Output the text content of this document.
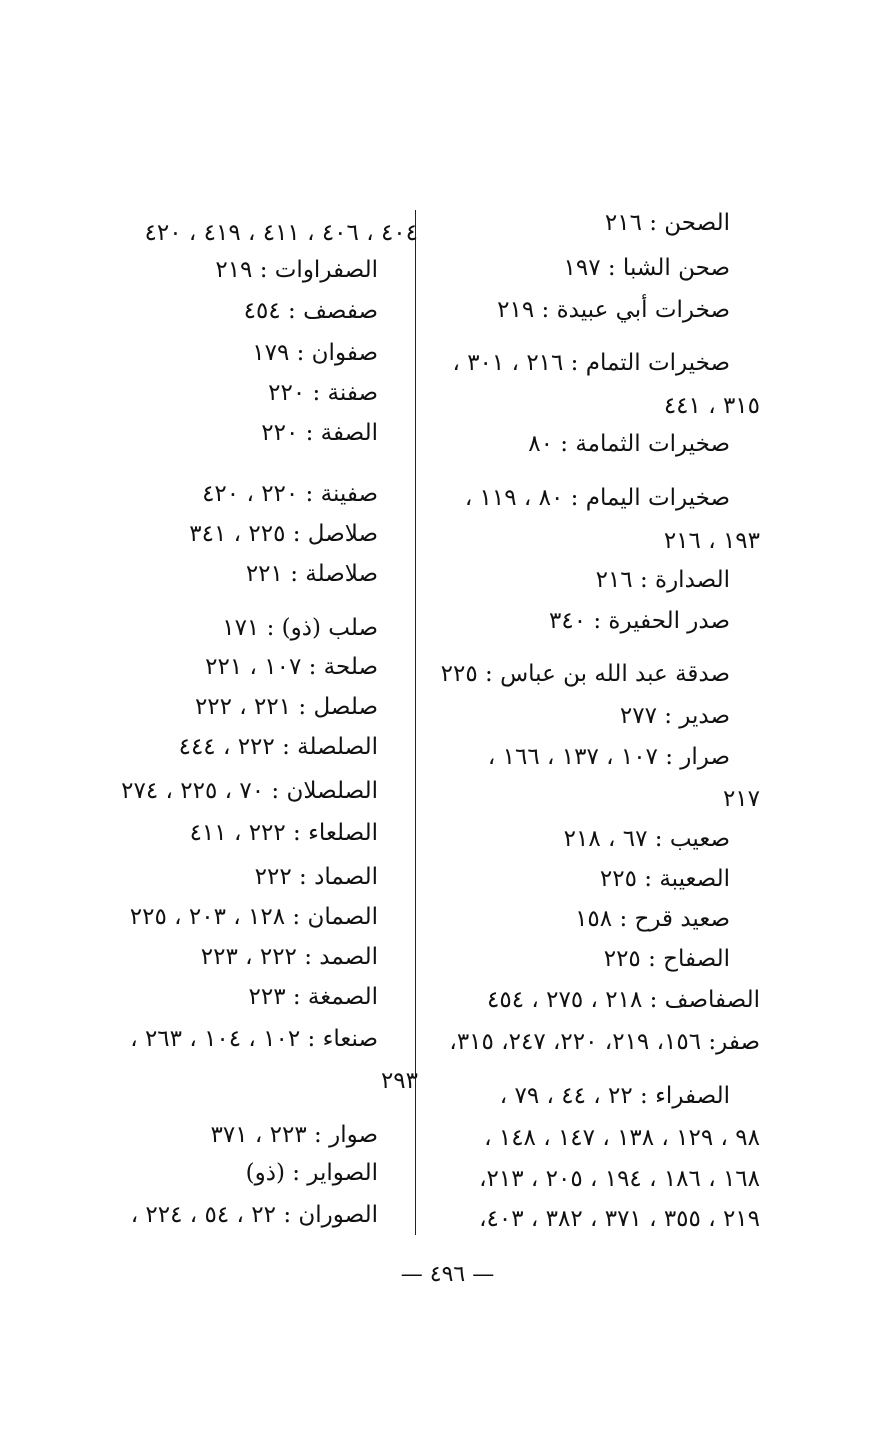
الصحن : ٢١٦
صحن الشبا : ١٩٧
صخرات أبي عبيدة : ٢١٩
صخيرات التمام : ٢١٦ ، ٣٠١ ،
٣١٥ ، ٤٤١
صخيرات الثمامة : ٨٠
صخيرات اليمام : ٨٠ ، ١١٩ ،
١٩٣ ، ٢١٦
الصدارة : ٢١٦
صدر الحفيرة : ٣٤٠
صدقة عبد الله بن عباس : ٢٢٥
صدير : ٢٧٧
صرار : ١٠٧ ، ١٣٧ ، ١٦٦ ،
٢١٧
صعيب : ٦٧ ، ٢١٨
الصعيبة : ٢٢٥
صعيد قرح : ١٥٨
الصفاح : ٢٢٥
الصفاصف : ٢١٨ ، ٢٧٥ ، ٤٥٤
صفر: ١٥٦، ٢١٩، ٢٢٠، ٢٤٧، ٣١٥،
الصفراء : ٢٢ ، ٤٤ ، ٧٩ ،
٩٨ ، ١٢٩ ، ١٣٨ ، ١٤٧ ، ١٤٨ ،
١٦٨ ، ١٨٦ ، ١٩٤ ، ٢٠٥ ، ٢١٣،
٢١٩ ، ٣٥٥ ، ٣٧١ ، ٣٨٢ ، ٤٠٣،
٤٠٤ ، ٤٠٦ ، ٤١١ ، ٤١٩ ، ٤٢٠
الصفراوات : ٢١٩
صفصف : ٤٥٤
صفوان : ١٧٩
صفنة : ٢٢٠
الصفة : ٢٢٠
صفينة : ٢٢٠ ، ٤٢٠
صلاصل : ٢٢٥ ، ٣٤١
صلاصلة : ٢٢١
صلب (ذو) : ١٧١
صلحة : ١٠٧ ، ٢٢١
صلصل : ٢٢١ ، ٢٢٢
الصلصلة : ٢٢٢ ، ٤٤٤
الصلصلان : ٧٠ ، ٢٢٥ ، ٢٧٤
الصلعاء : ٢٢٢ ، ٤١١
الصماد : ٢٢٢
الصمان : ١٢٨ ، ٢٠٣ ، ٢٢٥
الصمد : ٢٢٢ ، ٢٢٣
الصمغة : ٢٢٣
صنعاء : ١٠٢ ، ١٠٤ ، ٢٦٣ ،
٢٩٣
صوار : ٢٢٣ ، ٣٧١
الصواير : (ذو)
الصوران : ٢٢ ، ٥٤ ، ٢٢٤ ،
— ٤٩٦ —
